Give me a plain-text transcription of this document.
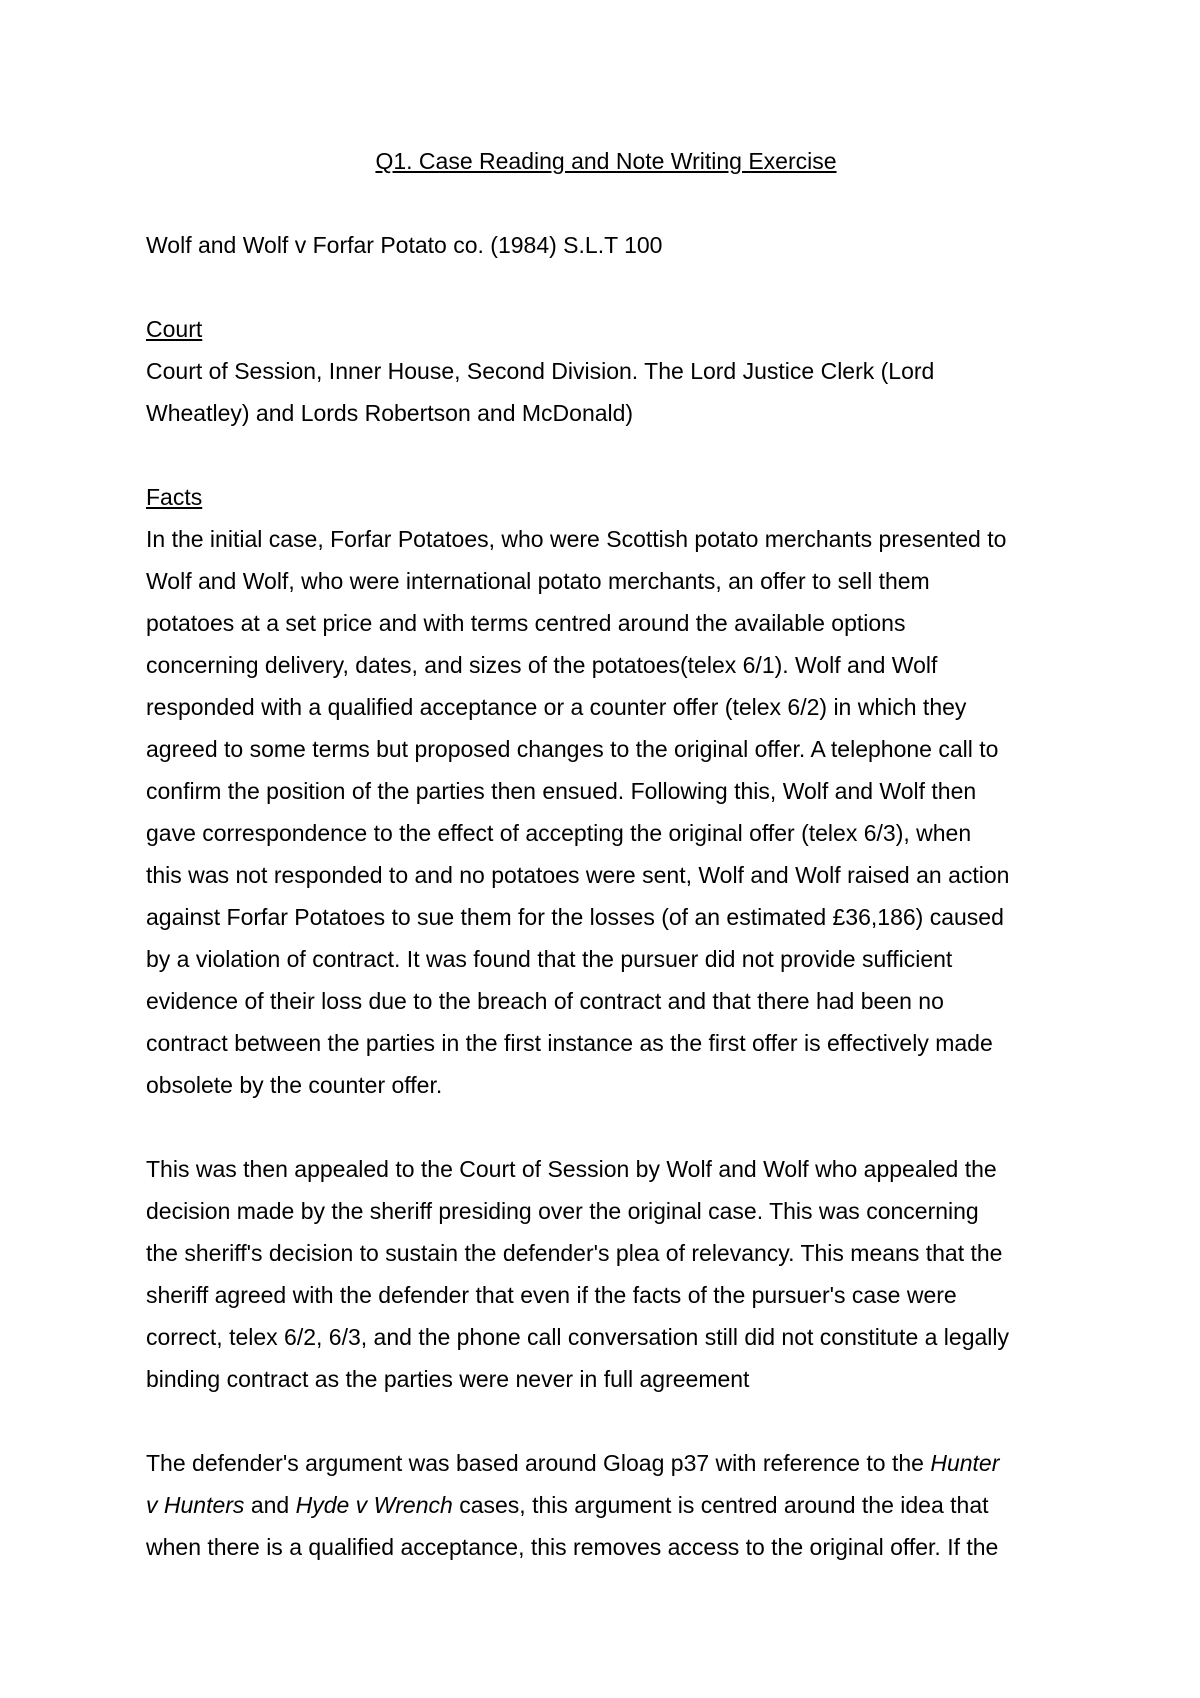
Q1. Case Reading and Note Writing Exercise

Wolf and Wolf v Forfar Potato co. (1984) S.L.T 100

Court

Court of Session, Inner House, Second Division. The Lord Justice Clerk (Lord
Wheatley) and Lords Robertson and McDonald)

Facts

In the initial case, Forfar Potatoes, who were Scottish potato merchants presented to
Wolf and Wolf, who were international potato merchants, an offer to sell them
potatoes at a set price and with terms centred around the available options
concerning delivery, dates, and sizes of the potatoes(telex 6/1). Wolf and Wolf
responded with a qualified acceptance or a counter offer (telex 6/2) in which they
agreed to some terms but proposed changes to the original offer. A telephone call to
confirm the position of the parties then ensued. Following this, Wolf and Wolf then
gave correspondence to the effect of accepting the original offer (telex 6/3), when
this was not responded to and no potatoes were sent, Wolf and Wolf raised an action
against Forfar Potatoes to sue them for the losses (of an estimated £36,186) caused
by a violation of contract. It was found that the pursuer did not provide sufficient
evidence of their loss due to the breach of contract and that there had been no
contract between the parties in the first instance as the first offer is effectively made
obsolete by the counter offer.

This was then appealed to the Court of Session by Wolf and Wolf who appealed the
decision made by the sheriff presiding over the original case. This was concerning
the sheriff's decision to sustain the defender's plea of relevancy. This means that the
sheriff agreed with the defender that even if the facts of the pursuer's case were
correct, telex 6/2, 6/3, and the phone call conversation still did not constitute a legally
binding contract as the parties were never in full agreement

The defender's argument was based around Gloag p37 with reference to the Hunter
v Hunters and Hyde v Wrench cases, this argument is centred around the idea that
when there is a qualified acceptance, this removes access to the original offer. If the
